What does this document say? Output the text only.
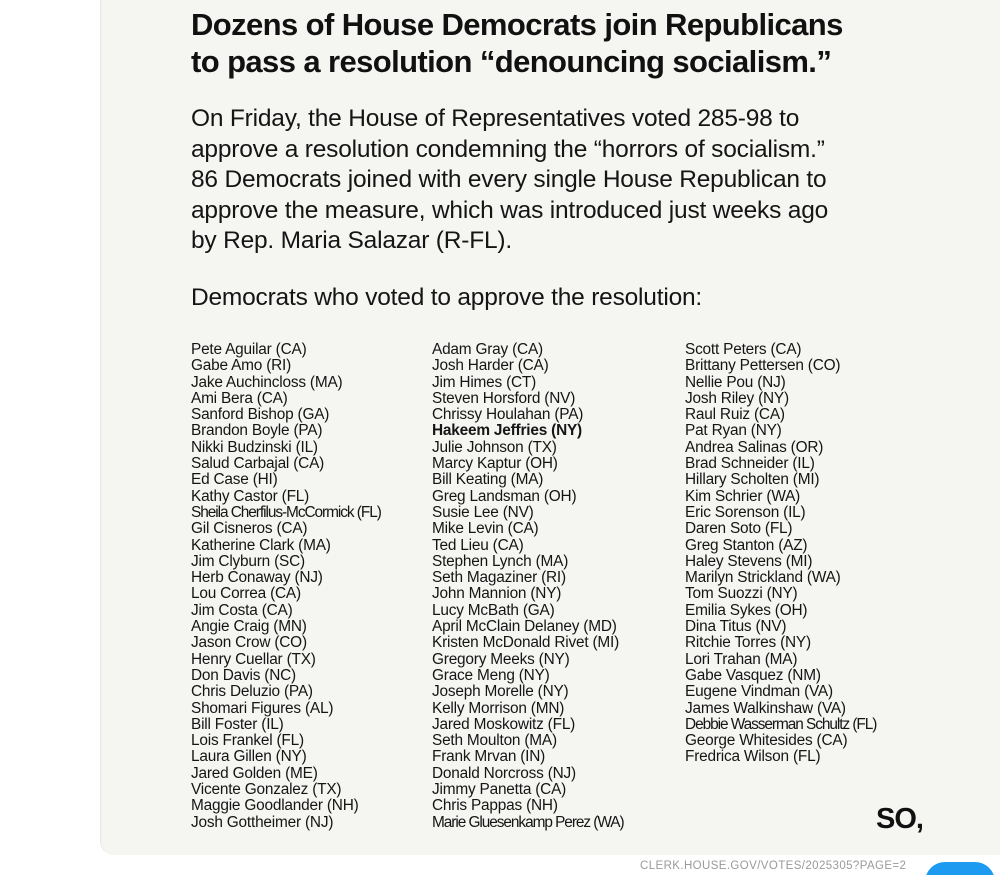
Dozens of House Democrats join Republicans
to pass a resolution “denouncing socialism.”

On Friday, the House of Representatives voted 285-98 to
approve a resolution condemning the “horrors of socialism.”
86 Democrats joined with every single House Republican to
approve the measure, which was introduced just weeks ago
by Rep. Maria Salazar (R-FL).

Democrats who voted to approve the resolution:
Pete Aguilar (CA)
Gabe Amo (RI)
Jake Auchincloss (MA)
Ami Bera (CA)
Sanford Bishop (GA)
Brandon Boyle (PA)
Nikki Budzinski (IL)
Salud Carbajal (CA)
Ed Case (HI)
Kathy Castor (FL)
Sheila Cherfilus-McCormick (FL)
Gil Cisneros (CA)
Katherine Clark (MA)
Jim Clyburn (SC)
Herb Conaway (NJ)
Lou Correa (CA)
Jim Costa (CA)
Angie Craig (MN)
Jason Crow (CO)
Henry Cuellar (TX)
Don Davis (NC)
Chris Deluzio (PA)
Shomari Figures (AL)
Bill Foster (IL)
Lois Frankel (FL)
Laura Gillen (NY)
Jared Golden (ME)
Vicente Gonzalez (TX)
Maggie Goodlander (NH)
Josh Gottheimer (NJ)
Adam Gray (CA)
Josh Harder (CA)
Jim Himes (CT)
Steven Horsford (NV)
Chrissy Houlahan (PA)
Hakeem Jeffries (NY)
Julie Johnson (TX)
Marcy Kaptur (OH)
Bill Keating (MA)
Greg Landsman (OH)
Susie Lee (NV)
Mike Levin (CA)
Ted Lieu (CA)
Stephen Lynch (MA)
Seth Magaziner (RI)
John Mannion (NY)
Lucy McBath (GA)
April McClain Delaney (MD)
Kristen McDonald Rivet (MI)
Gregory Meeks (NY)
Grace Meng (NY)
Joseph Morelle (NY)
Kelly Morrison (MN)
Jared Moskowitz (FL)
Seth Moulton (MA)
Frank Mrvan (IN)
Donald Norcross (NJ)
Jimmy Panetta (CA)
Chris Pappas (NH)
Marie Gluesenkamp Perez (WA)
Scott Peters (CA)
Brittany Pettersen (CO)
Nellie Pou (NJ)
Josh Riley (NY)
Raul Ruiz (CA)
Pat Ryan (NY)
Andrea Salinas (OR)
Brad Schneider (IL)
Hillary Scholten (MI)
Kim Schrier (WA)
Eric Sorenson (IL)
Daren Soto (FL)
Greg Stanton (AZ)
Haley Stevens (MI)
Marilyn Strickland (WA)
Tom Suozzi (NY)
Emilia Sykes (OH)
Dina Titus (NV)
Ritchie Torres (NY)
Lori Trahan (MA)
Gabe Vasquez (NM)
Eugene Vindman (VA)
James Walkinshaw (VA)
Debbie Wasserman Schultz (FL)
George Whitesides (CA)
Fredrica Wilson (FL)
SO,
CLERK.HOUSE.GOV/VOTES/2025305?PAGE=2
